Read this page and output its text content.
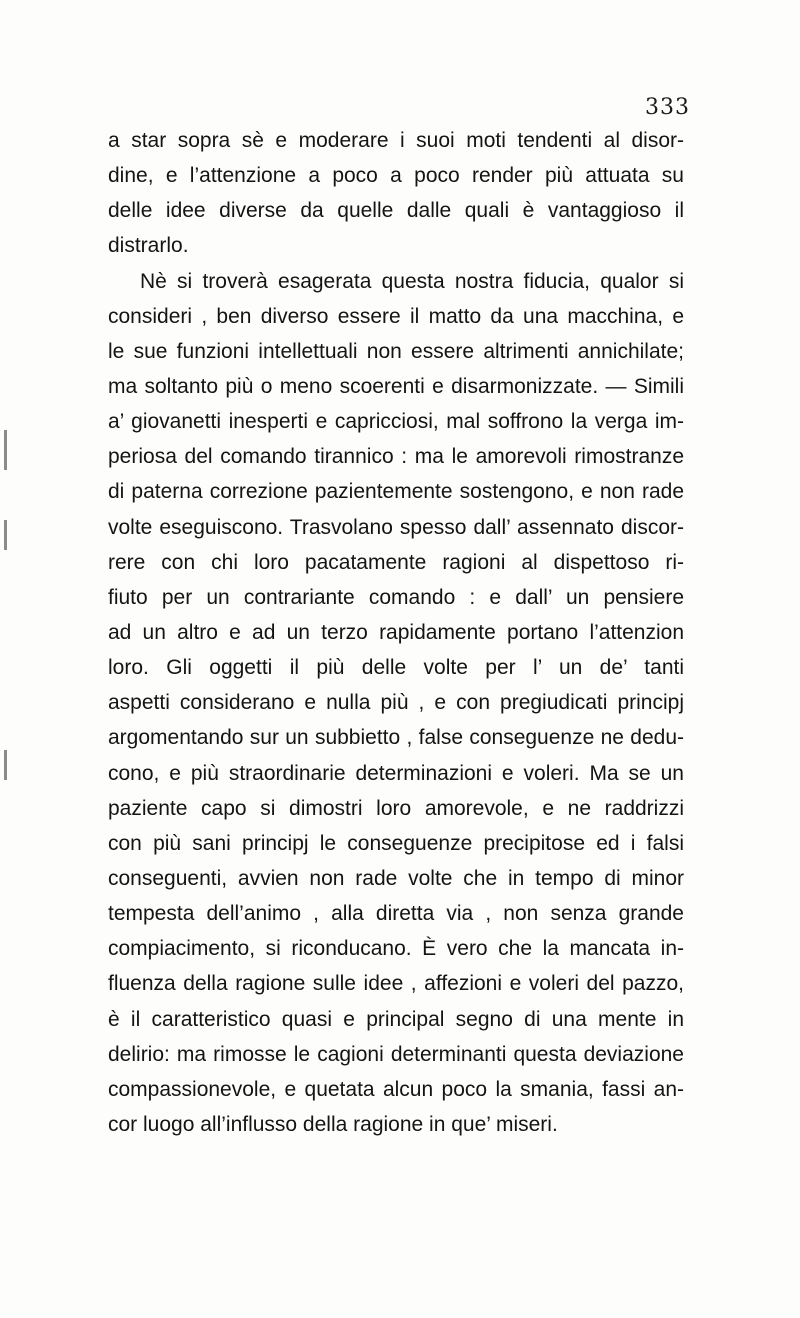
333
a star sopra sè e moderare i suoi moti tendenti al disor-
dine, e l’attenzione a poco a poco render più attuata su
delle idee diverse da quelle dalle quali è vantaggioso il
distrarlo.
Nè si troverà esagerata questa nostra fiducia, qualor si
consideri , ben diverso essere il matto da una macchina, e
le sue funzioni intellettuali non essere altrimenti annichilate;
ma soltanto più o meno scoerenti e disarmonizzate. — Simili
a’ giovanetti inesperti e capricciosi, mal soffrono la verga im-
periosa del comando tirannico : ma le amorevoli rimostranze
di paterna correzione pazientemente sostengono, e non rade
volte eseguiscono. Trasvolano spesso dall’ assennato discor-
rere con chi loro pacatamente ragioni al dispettoso ri-
fiuto per un contrariante comando : e dall’ un pensiere
ad un altro e ad un terzo rapidamente portano l’attenzion
loro. Gli oggetti il più delle volte per l’ un de’ tanti
aspetti considerano e nulla più , e con pregiudicati principj
argomentando sur un subbietto , false conseguenze ne dedu-
cono, e più straordinarie determinazioni e voleri. Ma se un
paziente capo si dimostri loro amorevole, e ne raddrizzi
con più sani principj le conseguenze precipitose ed i falsi
conseguenti, avvien non rade volte che in tempo di minor
tempesta dell’animo , alla diretta via , non senza grande
compiacimento, si riconducano. È vero che la mancata in-
fluenza della ragione sulle idee , affezioni e voleri del pazzo,
è il caratteristico quasi e principal segno di una mente in
delirio: ma rimosse le cagioni determinanti questa deviazione
compassionevole, e quetata alcun poco la smania, fassi an-
cor luogo all’influsso della ragione in que’ miseri.
